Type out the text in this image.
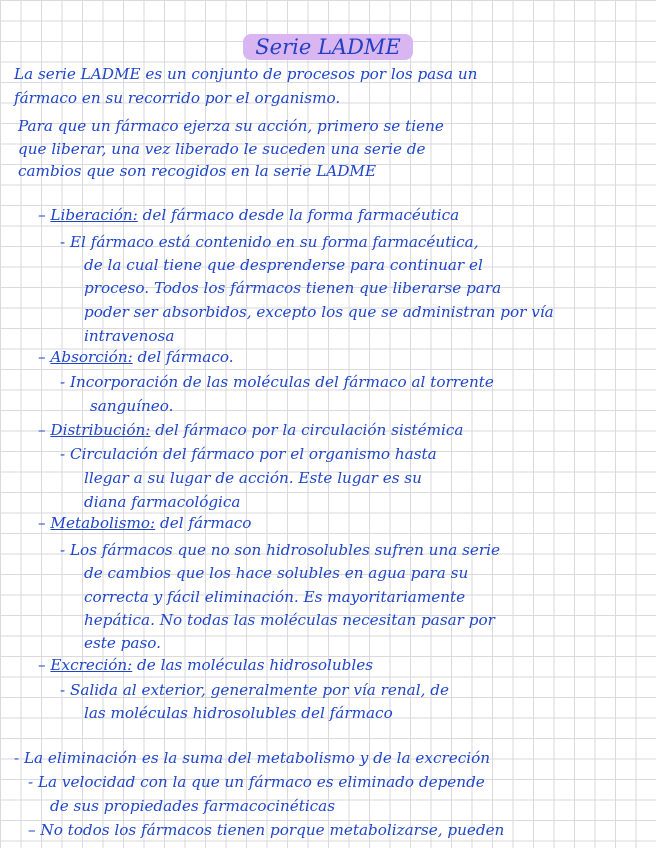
Serie LADME
La serie LADME es un conjunto de procesos por los pasa un
fármaco en su recorrido por el organismo.
Para que un fármaco ejerza su acción, primero se tiene
que liberar, una vez liberado le suceden una serie de
cambios que son recogidos en la serie LADME
– Liberación: del fármaco desde la forma farmacéutica
- El fármaco está contenido en su forma farmacéutica,
de la cual tiene que desprenderse para continuar el
proceso. Todos los fármacos tienen que liberarse para
poder ser absorbidos, excepto los que se administran por vía
intravenosa
– Absorción: del fármaco.
- Incorporación de las moléculas del fármaco al torrente
sanguíneo.
– Distribución: del fármaco por la circulación sistémica
- Circulación del fármaco por el organismo hasta
llegar a su lugar de acción. Este lugar es su
diana farmacológica
– Metabolismo: del fármaco
- Los fármacos que no son hidrosolubles sufren una serie
de cambios que los hace solubles en agua para su
correcta y fácil eliminación. Es mayoritariamente
hepática. No todas las moléculas necesitan pasar por
este paso.
– Excreción: de las moléculas hidrosolubles
- Salida al exterior, generalmente por vía renal, de
las moléculas hidrosolubles del fármaco
- La eliminación es la suma del metabolismo y de la excreción
- La velocidad con la que un fármaco es eliminado depende
de sus propiedades farmacocinéticas
– No todos los fármacos tienen porque metabolizarse, pueden
